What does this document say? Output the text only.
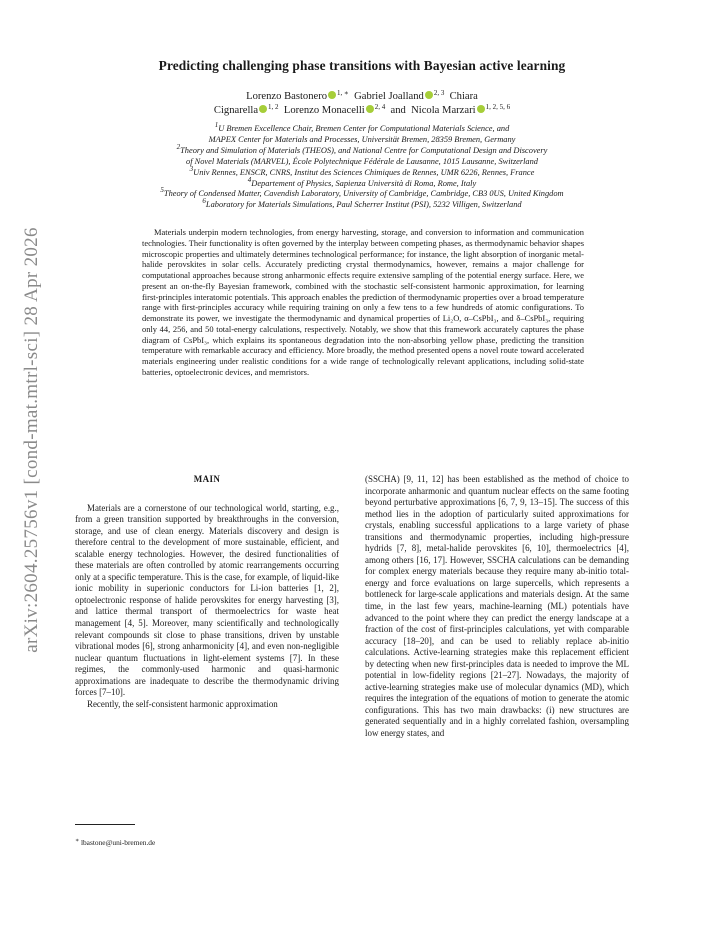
arXiv:2604.25756v1 [cond-mat.mtrl-sci] 28 Apr 2026
Predicting challenging phase transitions with Bayesian active learning
Lorenzo Bastonero $^{1, ∗}$ Gabriel Joalland $^{2, 3}$ Chiara
Cignarella $^{1, 2}$ Lorenzo Monacelli $^{2, 4}$ and Nicola Marzari $^{1, 2, 5, 6}$
$^1$U Bremen Excellence Chair, Bremen Center for Computational Materials Science, and
MAPEX Center for Materials and Processes, Universität Bremen, 28359 Bremen, Germany
$^2$Theory and Simulation of Materials (THEOS), and National Centre for Computational Design and Discovery
of Novel Materials (MARVEL), École Polytechnique Fédérale de Lausanne, 1015 Lausanne, Switzerland
$^3$Univ Rennes, ENSCR, CNRS, Institut des Sciences Chimiques de Rennes, UMR 6226, Rennes, France
$^4$Departement of Physics, Sapienza Università di Roma, Rome, Italy
$^5$Theory of Condensed Matter, Cavendish Laboratory, University of Cambridge, Cambridge, CB3 0US, United Kingdom
$^6$Laboratory for Materials Simulations, Paul Scherrer Institut (PSI), 5232 Villigen, Switzerland

Materials underpin modern technologies, from energy harvesting, storage, and conversion to information and communication technologies. Their functionality is often governed by the interplay between competing phases, as thermodynamic behavior shapes microscopic properties and ultimately determines technological performance; for instance, the light absorption of inorganic metal-halide perovskites in solar cells. Accurately predicting crystal thermodynamics, however, remains a major challenge for computational approaches because strong anharmonic effects require extensive sampling of the potential energy surface. Here, we present an on-the-fly Bayesian framework, combined with the stochastic self-consistent harmonic approximation, for learning first-principles interatomic potentials. This approach enables the prediction of thermodynamic properties over a broad temperature range with first-principles accuracy while requiring training on only a few tens to a few hundreds of atomic configurations. To demonstrate its power, we investigate the thermodynamic and dynamical properties of Li₂O, α–CsPbI₃, and δ–CsPbI₃, requiring only 44, 256, and 50 total-energy calculations, respectively. Notably, we show that this framework accurately captures the phase diagram of CsPbI₃, which explains its spontaneous degradation into the non-absorbing yellow phase, predicting the transition temperature with remarkable accuracy and efficiency. More broadly, the method presented opens a novel route toward accelerated materials engineering under realistic conditions for a wide range of technologically relevant applications, including solid-state batteries, optoelectronic devices, and memristors.

MAIN

Materials are a cornerstone of our technological world, starting, e.g., from a green transition supported by breakthroughs in the conversion, storage, and use of clean energy. Materials discovery and design is therefore central to the development of more sustainable, efficient, and scalable energy technologies. However, the desired functionalities of these materials are often controlled by atomic rearrangements occurring only at a specific temperature. This is the case, for example, of liquid-like ionic mobility in superionic conductors for Li-ion batteries [1, 2], optoelectronic response of halide perovskites for energy harvesting [3], and lattice thermal transport of thermoelectrics for waste heat management [4, 5]. Moreover, many scientifically and technologically relevant compounds sit close to phase transitions, driven by unstable vibrational modes [6], strong anharmonicity [4], and even non-negligible nuclear quantum fluctuations in light-element systems [7]. In these regimes, the commonly-used harmonic and quasi-harmonic approximations are inadequate to describe the thermodynamic driving forces [7–10].

Recently, the self-consistent harmonic approximation

(SSCHA) [9, 11, 12] has been established as the method of choice to incorporate anharmonic and quantum nuclear effects on the same footing beyond perturbative approximations [6, 7, 9, 13–15]. The success of this method lies in the adoption of particularly suited approximations for crystals, enabling successful applications to a large variety of phase transitions and thermodynamic properties, including high-pressure hydrids [7, 8], metal-halide perovskites [6, 10], thermoelectrics [4], among others [16, 17]. However, SSCHA calculations can be demanding for complex energy materials because they require many ab-initio total-energy and force evaluations on large supercells, which represents a bottleneck for large-scale applications and materials design. At the same time, in the last few years, machine-learning (ML) potentials have advanced to the point where they can predict the energy landscape at a fraction of the cost of first-principles calculations, yet with comparable accuracy [18–20], and can be used to reliably replace ab-initio calculations. Active-learning strategies make this replacement efficient by detecting when new first-principles data is needed to improve the ML potential in low-fidelity regions [21–27]. Nowadays, the majority of active-learning strategies make use of molecular dynamics (MD), which requires the integration of the equations of motion to generate the atomic configurations. This has two main drawbacks: (i) new structures are generated sequentially and in a highly correlated fashion, oversampling low energy states, and

∗ lbastone@uni-bremen.de
